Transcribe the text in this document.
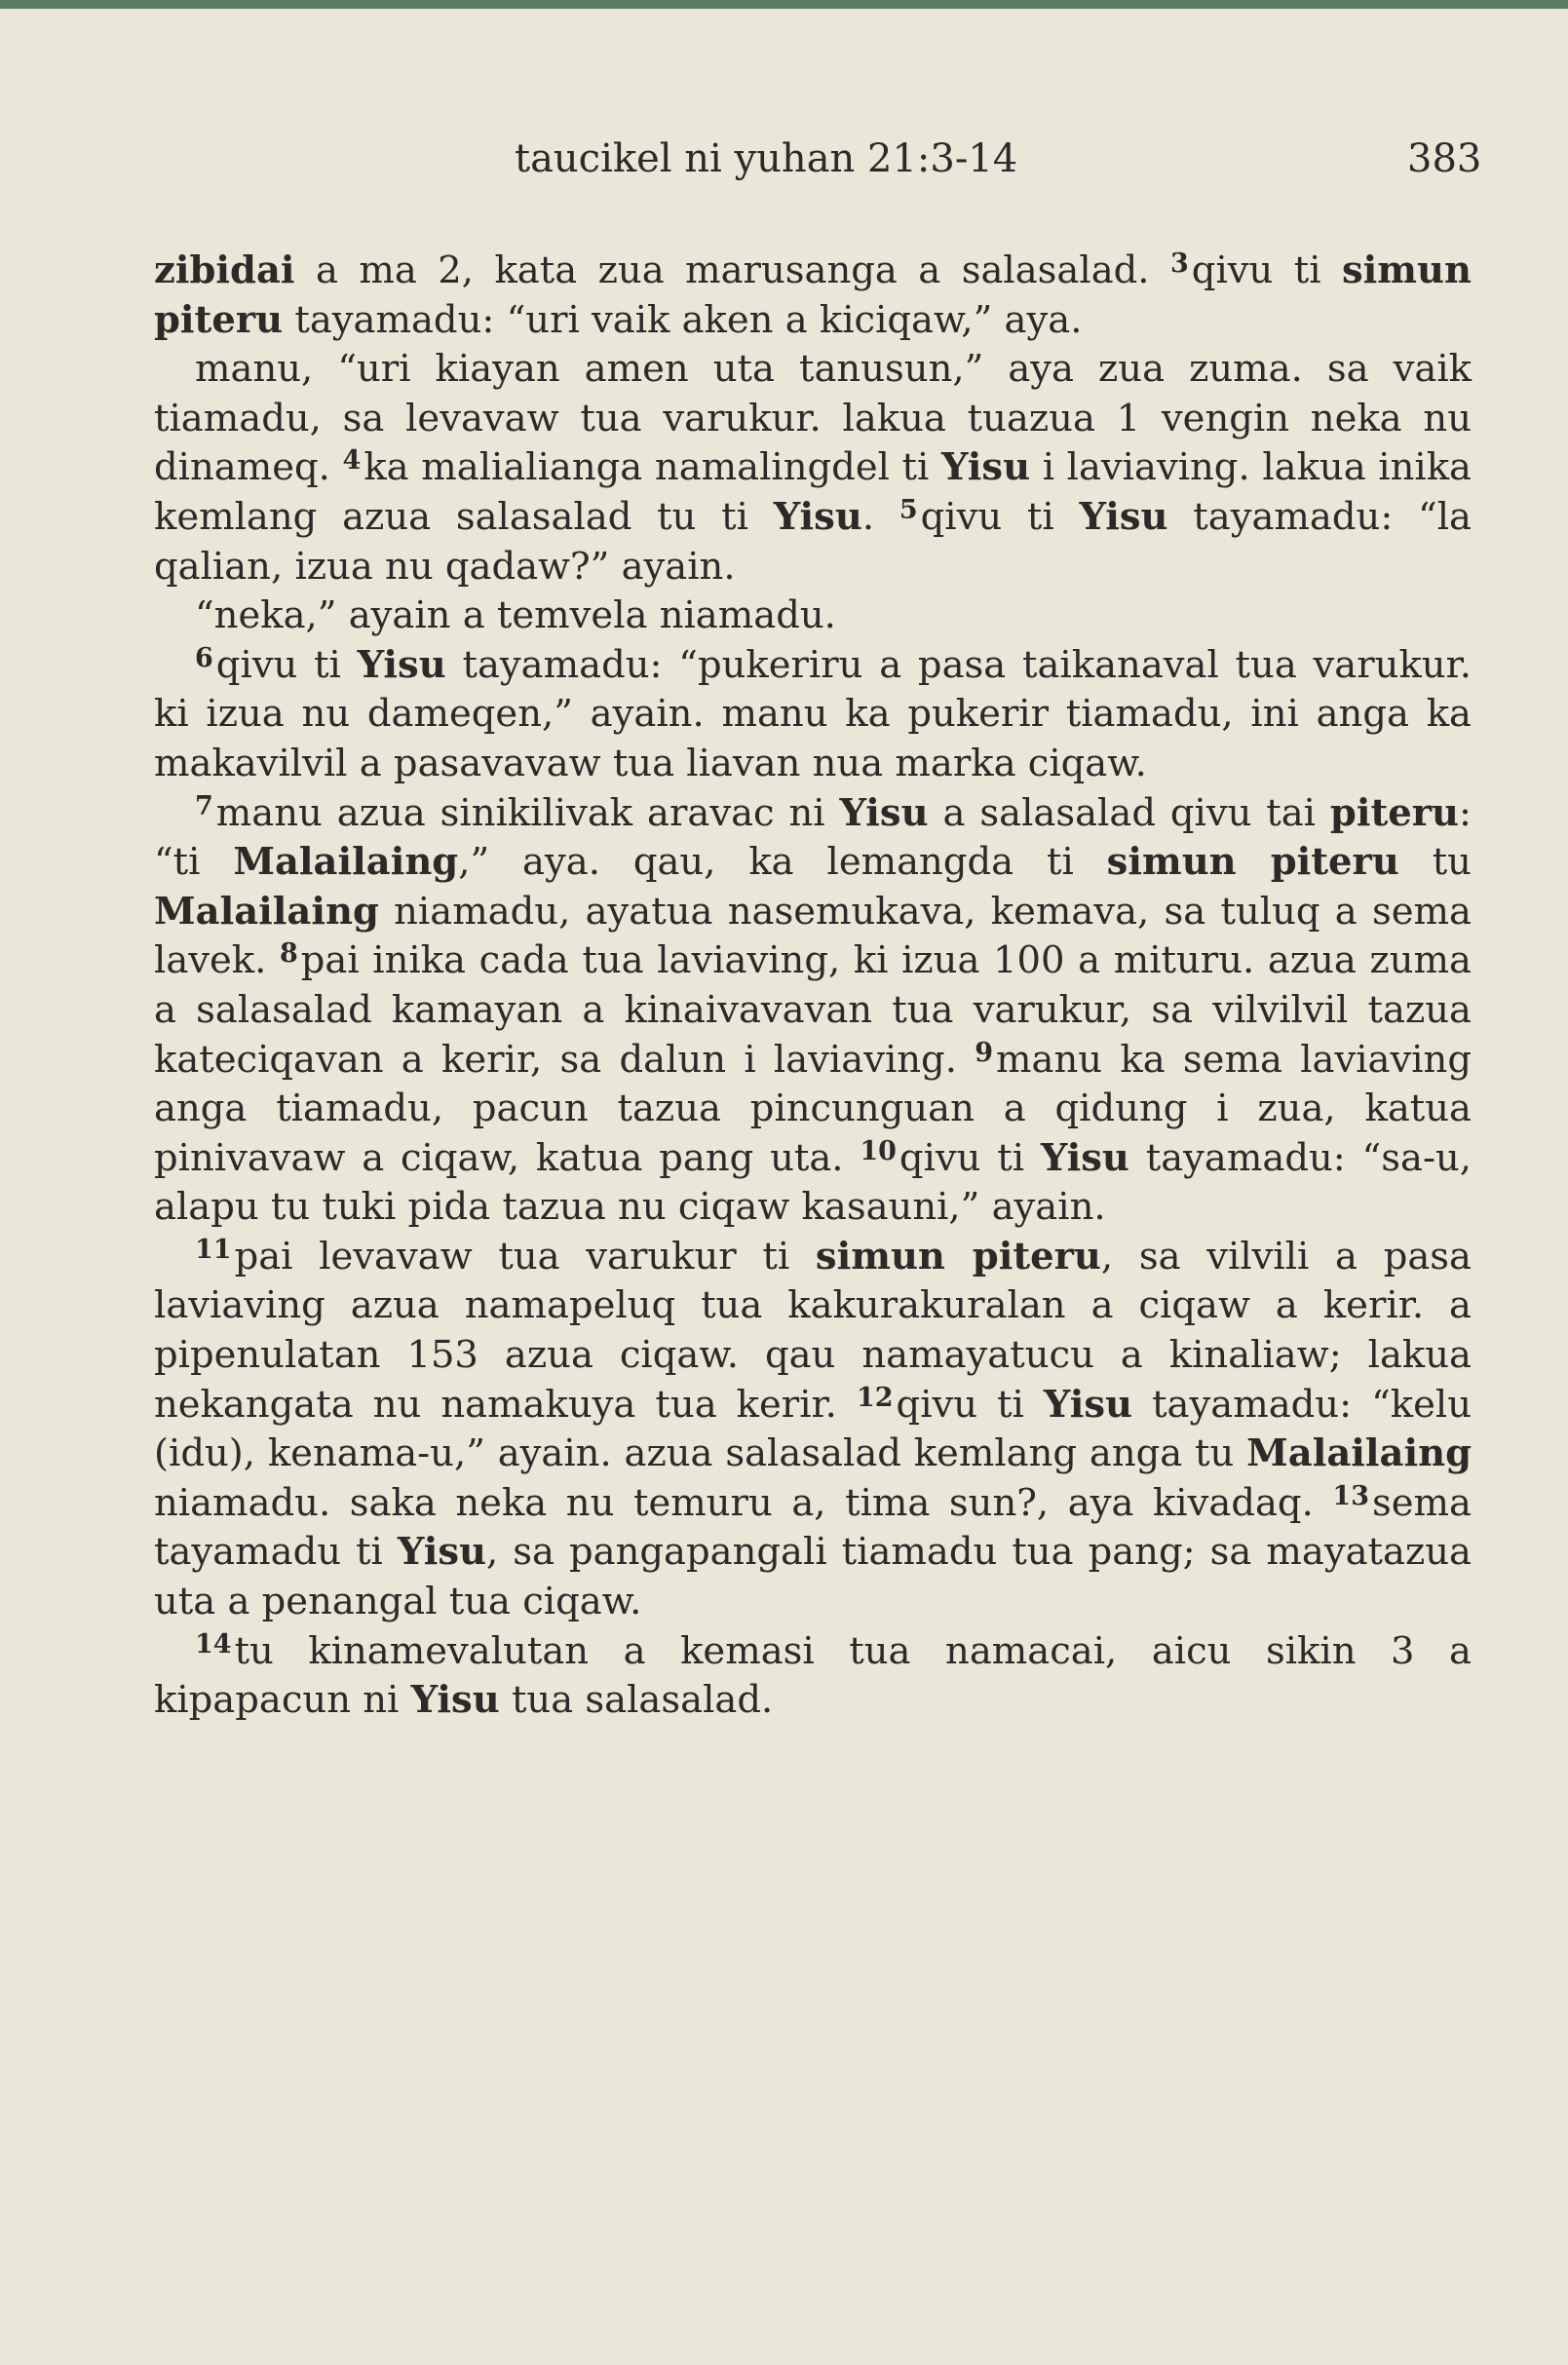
taucikel ni yuhan 21:3-14	383

zibidai a ma 2, kata zua marusanga a salasalad. $^3$qivu ti simun piteru tayamadu: “uri vaik aken a kiciqaw,” aya.

manu, “uri kiayan amen uta tanusun,” aya zua zuma. sa vaik tiamadu, sa levavaw tua varukur. lakua tuazua 1 vengin neka nu dinameq. $^4$ka malialianga namalingdel ti Yisu i laviaving. lakua inika kemlang azua salasalad tu ti Yisu. $^5$qivu ti Yisu tayamadu: “la qalian, izua nu qadaw?” ayain.

“neka,” ayain a temvela niamadu.

$^6$qivu ti Yisu tayamadu: “pukeriru a pasa taikanaval tua varukur. ki izua nu dameqen,” ayain. manu ka pukerir tiamadu, ini anga ka makavilvil a pasavavaw tua liavan nua marka ciqaw.

$^7$manu azua sinikilivak aravac ni Yisu a salasalad qivu tai piteru: “ti Malailaing,” aya. qau, ka lemangda ti simun piteru tu Malailaing niamadu, ayatua nasemukava, kemava, sa tuluq a sema lavek. $^8$pai inika cada tua laviaving, ki izua 100 a mituru. azua zuma a salasalad kamayan a kinaivavavan tua varukur, sa vilvilvil tazua kateciqavan a kerir, sa dalun i laviaving. $^9$manu ka sema laviaving anga tiamadu, pacun tazua pincunguan a qidung i zua, katua pinivavaw a ciqaw, katua pang uta. $^{10}$qivu ti Yisu tayamadu: “sa-u, alapu tu tuki pida tazua nu ciqaw kasauni,” ayain.

$^{11}$pai levavaw tua varukur ti simun piteru, sa vilvili a pasa laviaving azua namapeluq tua kakurakuralan a ciqaw a kerir. a pipenulatan 153 azua ciqaw. qau namayatucu a kinaliaw; lakua nekangata nu namakuya tua kerir. $^{12}$qivu ti Yisu tayamadu: “kelu (idu), kenama-u,” ayain. azua salasalad kemlang anga tu Malailaing niamadu. saka neka nu temuru a, tima sun?, aya kivadaq. $^{13}$sema tayamadu ti Yisu, sa pangapangali tiamadu tua pang; sa mayatazua uta a penangal tua ciqaw.

$^{14}$tu kinamevalutan a kemasi tua namacai, aicu sikin 3 a kipapacun ni Yisu tua salasalad.
